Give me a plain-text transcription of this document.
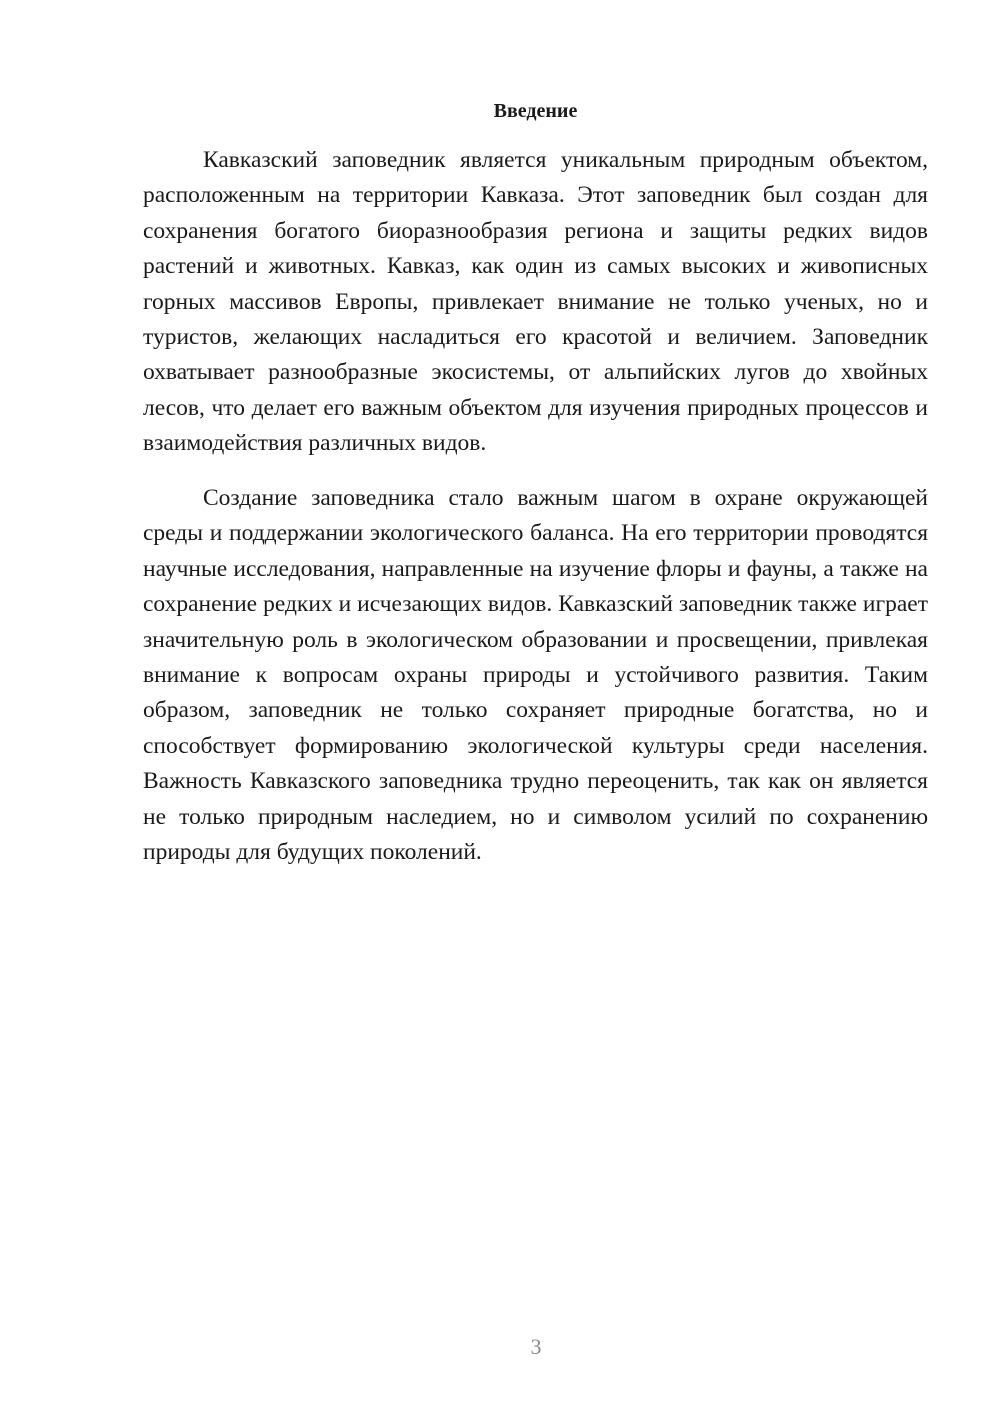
Введение

Кавказский заповедник является уникальным природным объектом, расположенным на территории Кавказа. Этот заповедник был создан для сохранения богатого биоразнообразия региона и защиты редких видов растений и животных. Кавказ, как один из самых высоких и живописных горных массивов Европы, привлекает внимание не только ученых, но и туристов, желающих насладиться его красотой и величием. Заповедник охватывает разнообразные экосистемы, от альпийских лугов до хвойных лесов, что делает его важным объектом для изучения природных процессов и взаимодействия различных видов.

Создание заповедника стало важным шагом в охране окружающей среды и поддержании экологического баланса. На его территории проводятся научные исследования, направленные на изучение флоры и фауны, а также на сохранение редких и исчезающих видов. Кавказский заповедник также играет значительную роль в экологическом образовании и просвещении, привлекая внимание к вопросам охраны природы и устойчивого развития. Таким образом, заповедник не только сохраняет природные богатства, но и способствует формированию экологической культуры среди населения. Важность Кавказского заповедника трудно переоценить, так как он является не только природным наследием, но и символом усилий по сохранению природы для будущих поколений.

3
